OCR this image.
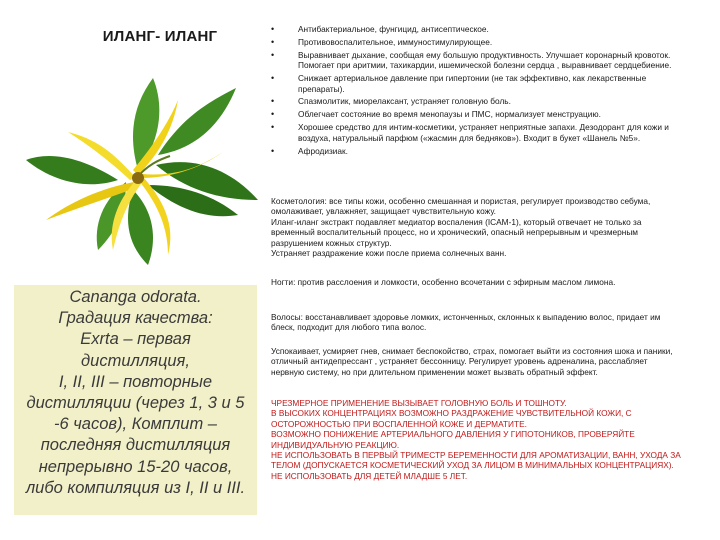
ИЛАНГ- ИЛАНГ
Cananga odorata.
Градация качества:
Exrta – первая
дистилляция,
I, II, III – повторные
дистилляции (через 1, 3 и 5
-6 часов), Комплит –
последняя дистилляция
непрерывно 15-20 часов,
либо компиляция из I, II и III.
•	Антибактериальное, фунгицид, антисептическое.
•	Противовоспалительное, иммуностимулирующее.
•	Выравнивает дыхание, сообщая ему большую продуктивность. Улучшает коронарный кровоток. Помогает при аритмии, тахикардии, ишемической болезни сердца , выравнивает сердцебиение.
•	Снижает артериальное давление при гипертонии (не так эффективно, как лекарственные препараты).
•	Спазмолитик, миорелаксант, устраняет головную боль.
•	Облегчает состояние во время менопаузы и ПМС, нормализует менструацию.
•	Хорошее средство для интим-косметики, устраняет неприятные запахи. Дезодорант для кожи и воздуха, натуральный парфюм («жасмин для бедняков»). Входит в букет «Шанель №5».
•	Афродизиак.

Косметология: все типы кожи, особенно смешанная и пористая, регулирует производство себума, омолаживает, увлажняет, защищает чувствительную кожу.

Иланг-иланг экстракт подавляет медиатор воспаления (ICAM-1), который отвечает не только за временный воспалительный процесс, но и хронический, опасный непрерывным и чрезмерным разрушением кожных структур.

Устраняет раздражение кожи после приема солнечных ванн.

Ногти: против расслоения и ломкости, особенно всочетании с эфирным маслом лимона.

Волосы: восстанавливает здоровье ломких, истонченных, склонных к выпадению волос, придает им блеск, подходит для любого типа волос.

Успокаивает, усмиряет гнев, снимает беспокойство, страх, помогает выйти из состояния шока и паники, отличный антидепрессант , устраняет бессонницу. Регулирует уровень адреналина, расслабляет нервную систему, но при длительном применении может вызвать обратный эффект.

ЧРЕЗМЕРНОЕ ПРИМЕНЕНИЕ ВЫЗЫВАЕТ ГОЛОВНУЮ БОЛЬ И ТОШНОТУ.

В ВЫСОКИХ КОНЦЕНТРАЦИЯХ ВОЗМОЖНО РАЗДРАЖЕНИЕ ЧУВСТВИТЕЛЬНОЙ КОЖИ, С ОСТОРОЖНОСТЬЮ ПРИ ВОСПАЛЕННОЙ КОЖЕ И ДЕРМАТИТЕ.

ВОЗМОЖНО ПОНИЖЕНИЕ АРТЕРИАЛЬНОГО ДАВЛЕНИЯ У ГИПОТОНИКОВ, ПРОВЕРЯЙТЕ ИНДИВИДУАЛЬНУЮ РЕАКЦИЮ.

НЕ ИСПОЛЬЗОВАТЬ В ПЕРВЫЙ ТРИМЕСТР БЕРЕМЕННОСТИ ДЛЯ АРОМАТИЗАЦИИ, ВАНН, УХОДА ЗА ТЕЛОМ (ДОПУСКАЕТСЯ КОСМЕТИЧЕСКИЙ УХОД ЗА ЛИЦОМ В МИНИМАЛЬНЫХ КОНЦЕНТРАЦИЯХ).

НЕ ИСПОЛЬЗОВАТЬ ДЛЯ ДЕТЕЙ МЛАДШЕ 5 ЛЕТ.
